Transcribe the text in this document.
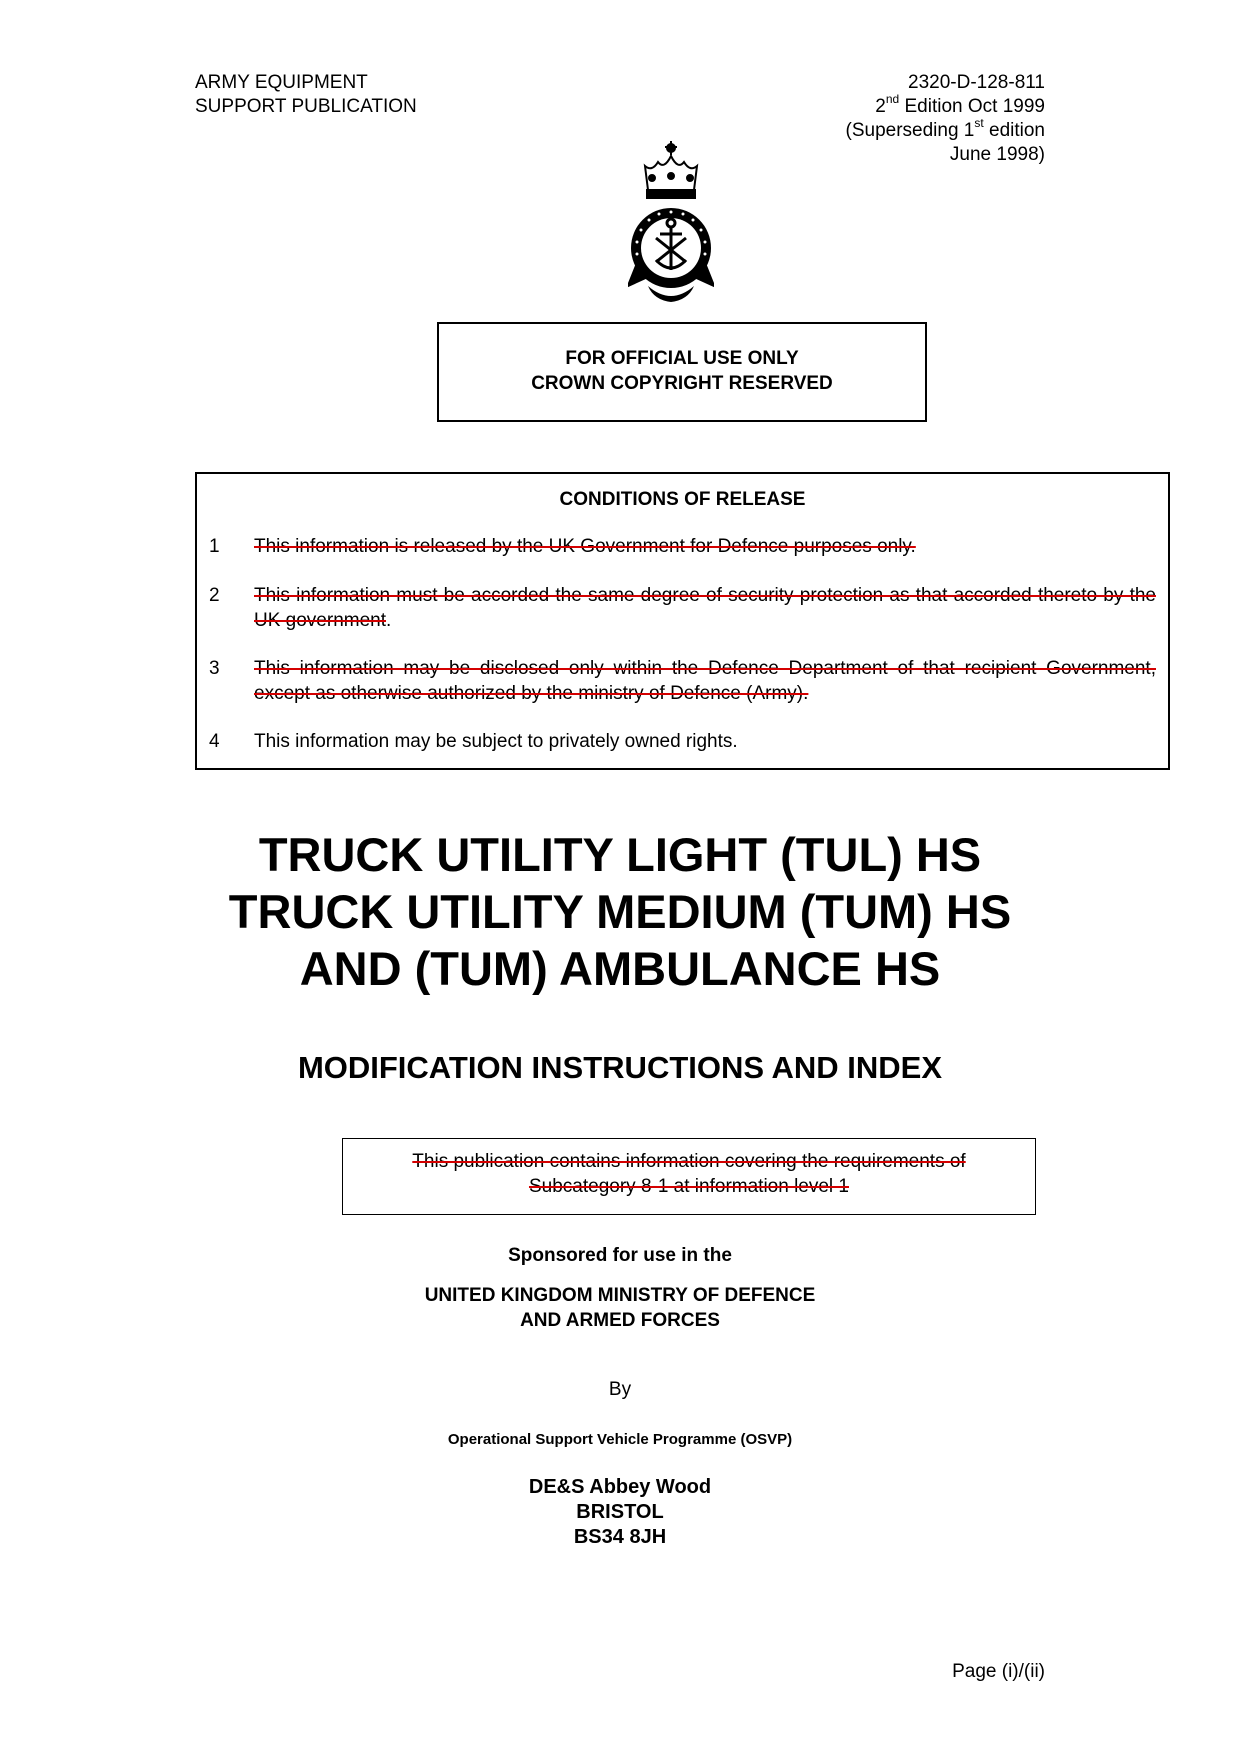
ARMY EQUIPMENT
SUPPORT PUBLICATION
2320-D-128-811
2nd Edition Oct 1999
(Superseding 1st edition
June 1998)
FOR OFFICIAL USE ONLY
CROWN COPYRIGHT RESERVED
CONDITIONS OF RELEASE
1 This information is released by the UK Government for Defence purposes only.
2 This information must be accorded the same degree of security protection as that accorded thereto by the UK government.
3 This information may be disclosed only within the Defence Department of that recipient Government, except as otherwise authorized by the ministry of Defence (Army).
4 This information may be subject to privately owned rights.
TRUCK UTILITY LIGHT (TUL) HS
TRUCK UTILITY MEDIUM (TUM) HS
AND (TUM) AMBULANCE HS
MODIFICATION INSTRUCTIONS AND INDEX
This publication contains information covering the requirements of
Subcategory 8-1 at information level 1
Sponsored for use in the
UNITED KINGDOM MINISTRY OF DEFENCE
AND ARMED FORCES
By
Operational Support Vehicle Programme (OSVP)
DE&S Abbey Wood
BRISTOL
BS34 8JH
Page (i)/(ii)
